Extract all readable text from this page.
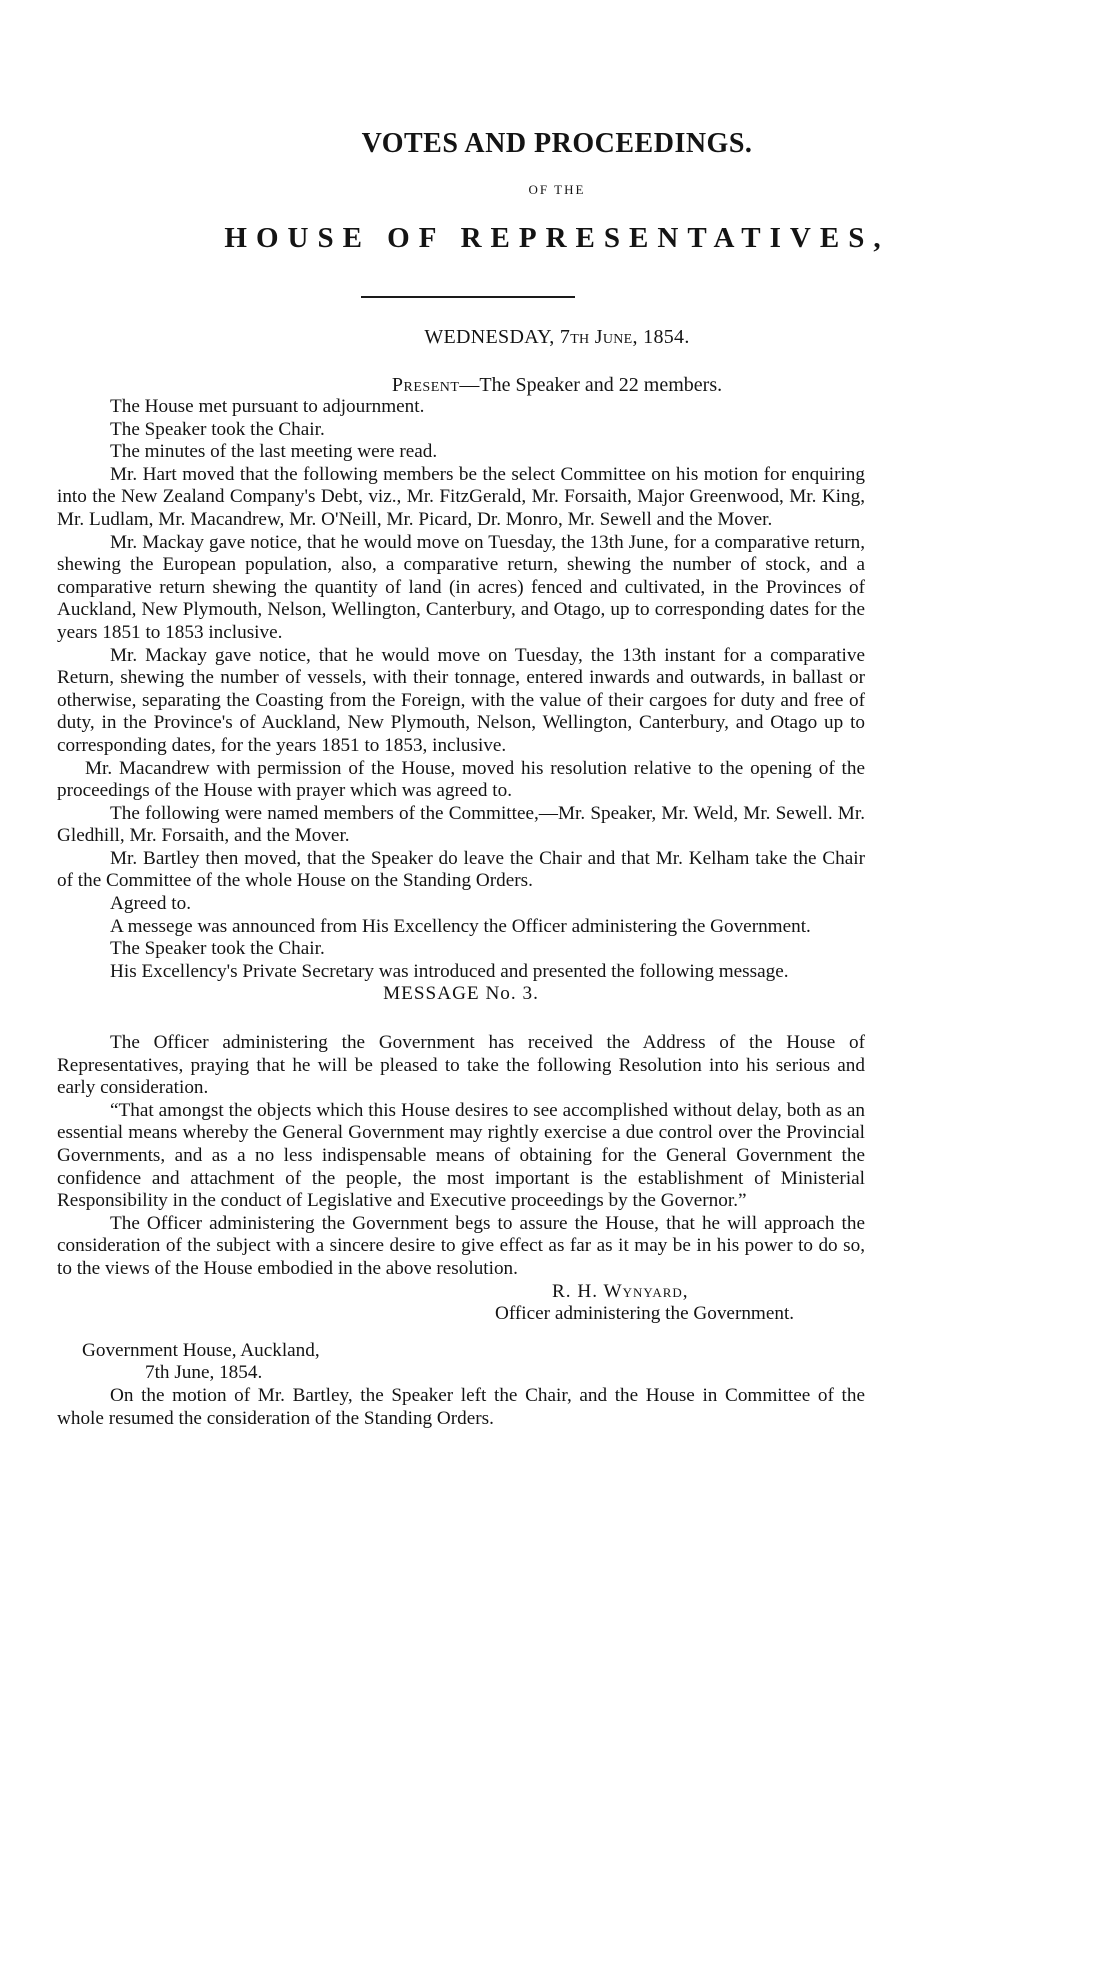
VOTES AND PROCEEDINGS.
OF THE
HOUSE OF REPRESENTATIVES,
WEDNESDAY, 7th June, 1854.
Present—The Speaker and 22 members.

The House met pursuant to adjournment.

The Speaker took the Chair.

The minutes of the last meeting were read.

Mr. Hart moved that the following members be the select Committee on his motion for enquiring into the New Zealand Company's Debt, viz., Mr. FitzGerald, Mr. Forsaith, Major Greenwood, Mr. King, Mr. Ludlam, Mr. Macandrew, Mr. O'Neill, Mr. Picard, Dr. Monro, Mr. Sewell and the Mover.

Mr. Mackay gave notice, that he would move on Tuesday, the 13th June, for a comparative return, shewing the European population, also, a comparative return, shewing the number of stock, and a comparative return shewing the quantity of land (in acres) fenced and cultivated, in the Provinces of Auckland, New Plymouth, Nelson, Wellington, Canterbury, and Otago, up to corresponding dates for the years 1851 to 1853 inclusive.

Mr. Mackay gave notice, that he would move on Tuesday, the 13th instant for a comparative Return, shewing the number of vessels, with their tonnage, entered inwards and outwards, in ballast or otherwise, separating the Coasting from the Foreign, with the value of their cargoes for duty and free of duty, in the Province's of Auckland, New Plymouth, Nelson, Wellington, Canterbury, and Otago up to corresponding dates, for the years 1851 to 1853, inclusive.

Mr. Macandrew with permission of the House, moved his resolution relative to the opening of the proceedings of the House with prayer which was agreed to.

The following were named members of the Committee,—Mr. Speaker, Mr. Weld, Mr. Sewell. Mr. Gledhill, Mr. Forsaith, and the Mover.

Mr. Bartley then moved, that the Speaker do leave the Chair and that Mr. Kelham take the Chair of the Committee of the whole House on the Standing Orders.

Agreed to.

A messege was announced from His Excellency the Officer administering the Government.

The Speaker took the Chair.

His Excellency's Private Secretary was introduced and presented the following message.

MESSAGE No. 3.

The Officer administering the Government has received the Address of the House of Representatives, praying that he will be pleased to take the following Resolution into his serious and early consideration.

“That amongst the objects which this House desires to see accomplished without delay, both as an essential means whereby the General Government may rightly exercise a due control over the Provincial Governments, and as a no less indispensable means of obtaining for the General Government the confidence and attachment of the people, the most important is the establishment of Ministerial Responsibility in the conduct of Legislative and Executive proceedings by the Governor.”

The Officer administering the Government begs to assure the House, that he will approach the consideration of the subject with a sincere desire to give effect as far as it may be in his power to do so, to the views of the House embodied in the above resolution.

R. H. Wynyard,

Officer administering the Government.

Government House, Auckland,

7th June, 1854.

On the motion of Mr. Bartley, the Speaker left the Chair, and the House in Committee of the whole resumed the consideration of the Standing Orders.
